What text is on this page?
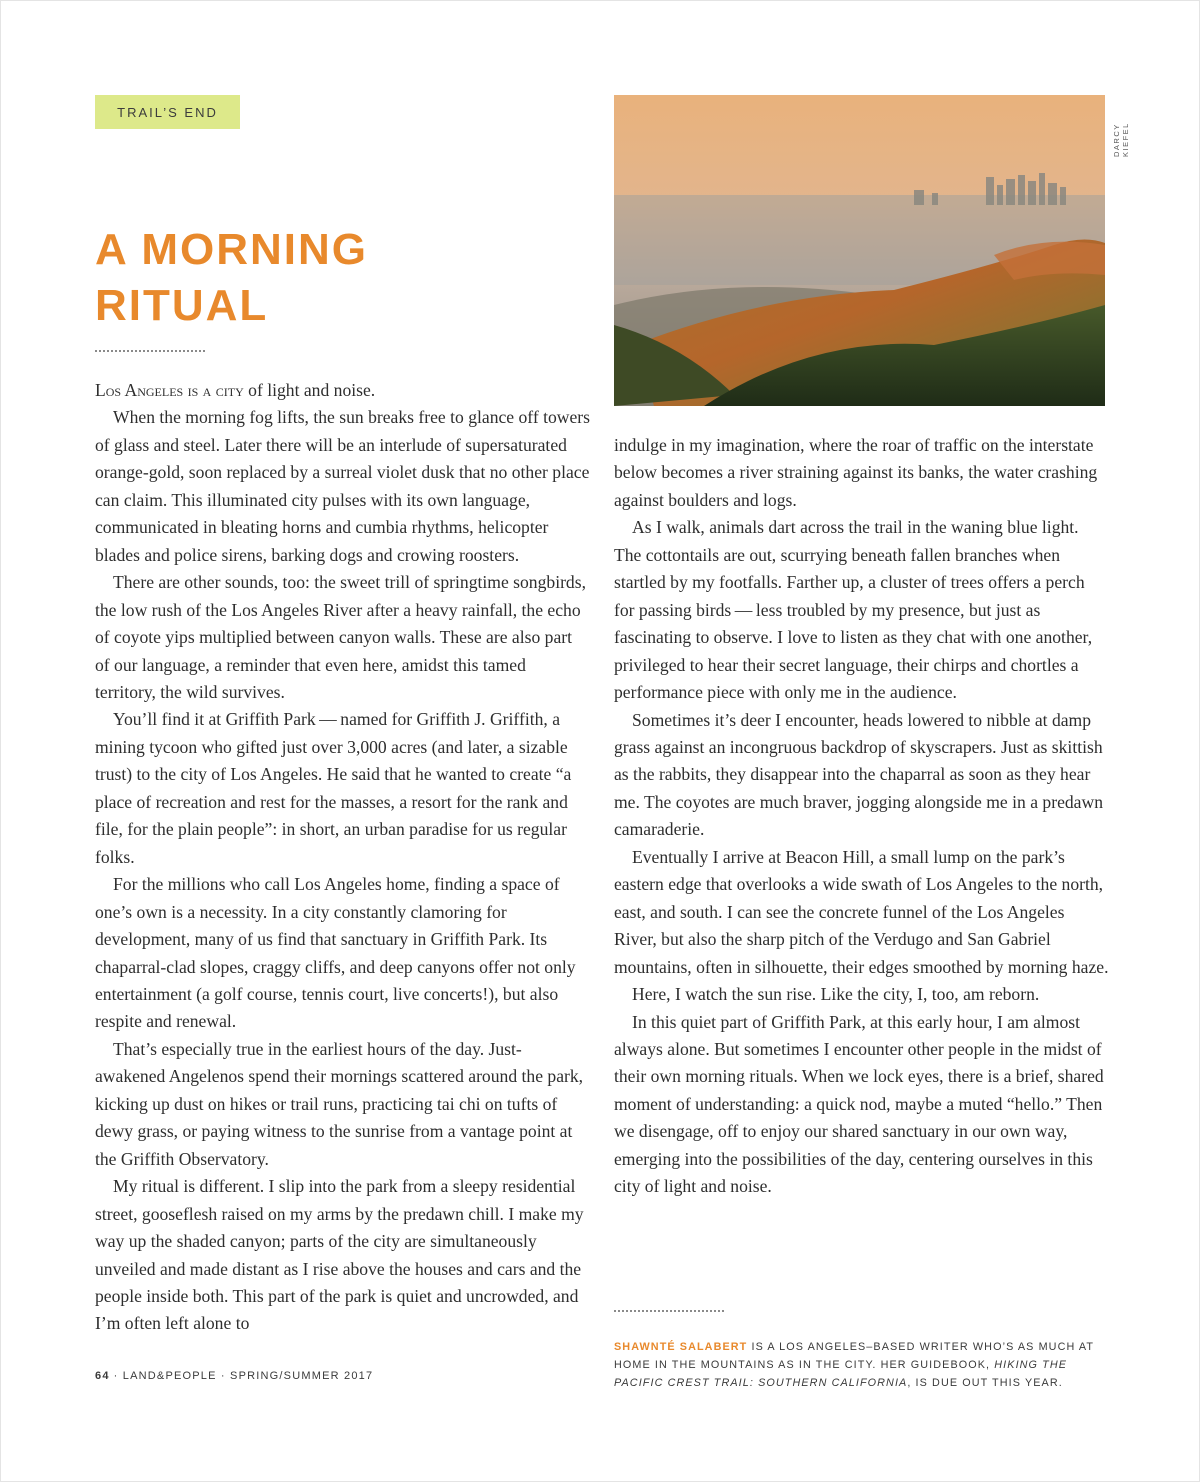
TRAIL’S END
A MORNING
RITUAL
DARCY KIEFEL

Los Angeles is a city of light and noise.

When the morning fog lifts, the sun breaks free to glance off towers of glass and steel. Later there will be an interlude of supersaturated orange-gold, soon replaced by a surreal violet dusk that no other place can claim. This illuminated city pulses with its own language, communicated in bleating horns and cumbia rhythms, helicopter blades and police sirens, barking dogs and crowing roosters.

There are other sounds, too: the sweet trill of springtime songbirds, the low rush of the Los Angeles River after a heavy rainfall, the echo of coyote yips multiplied between canyon walls. These are also part of our language, a reminder that even here, amidst this tamed territory, the wild survives.

You’ll find it at Griffith Park — named for Griffith J. Griffith, a mining tycoon who gifted just over 3,000 acres (and later, a sizable trust) to the city of Los Angeles. He said that he wanted to create “a place of recreation and rest for the masses, a resort for the rank and file, for the plain people”: in short, an urban paradise for us regular folks.

For the millions who call Los Angeles home, finding a space of one’s own is a necessity. In a city constantly clamoring for development, many of us find that sanctuary in Griffith Park. Its chaparral-clad slopes, craggy cliffs, and deep canyons offer not only entertainment (a golf course, tennis court, live concerts!), but also respite and renewal.

That’s especially true in the earliest hours of the day. Just-awakened Angelenos spend their mornings scattered around the park, kicking up dust on hikes or trail runs, practicing tai chi on tufts of dewy grass, or paying witness to the sunrise from a vantage point at the Griffith Observatory.

My ritual is different. I slip into the park from a sleepy residential street, gooseflesh raised on my arms by the predawn chill. I make my way up the shaded canyon; parts of the city are simultaneously unveiled and made distant as I rise above the houses and cars and the people inside both. This part of the park is quiet and uncrowded, and I’m often left alone to

indulge in my imagination, where the roar of traffic on the interstate below becomes a river straining against its banks, the water crashing against boulders and logs.

As I walk, animals dart across the trail in the waning blue light. The cottontails are out, scurrying beneath fallen branches when startled by my footfalls. Farther up, a cluster of trees offers a perch for passing birds — less troubled by my presence, but just as fascinating to observe. I love to listen as they chat with one another, privileged to hear their secret language, their chirps and chortles a performance piece with only me in the audience.

Sometimes it’s deer I encounter, heads lowered to nibble at damp grass against an incongruous backdrop of skyscrapers. Just as skittish as the rabbits, they disappear into the chaparral as soon as they hear me. The coyotes are much braver, jogging alongside me in a predawn camaraderie.

Eventually I arrive at Beacon Hill, a small lump on the park’s eastern edge that overlooks a wide swath of Los Angeles to the north, east, and south. I can see the concrete funnel of the Los Angeles River, but also the sharp pitch of the Verdugo and San Gabriel mountains, often in silhouette, their edges smoothed by morning haze.

Here, I watch the sun rise. Like the city, I, too, am reborn.

In this quiet part of Griffith Park, at this early hour, I am almost always alone. But sometimes I encounter other people in the midst of their own morning rituals. When we lock eyes, there is a brief, shared moment of understanding: a quick nod, maybe a muted “hello.” Then we disengage, off to enjoy our shared sanctuary in our own way, emerging into the possibilities of the day, centering ourselves in this city of light and noise.

SHAWNTÉ SALABERT IS A LOS ANGELES–BASED WRITER WHO’S AS MUCH AT HOME IN THE MOUNTAINS AS IN THE CITY. HER GUIDEBOOK, HIKING THE PACIFIC CREST TRAIL: SOUTHERN CALIFORNIA, IS DUE OUT THIS YEAR.
64 · LAND&PEOPLE · SPRING/SUMMER 2017
